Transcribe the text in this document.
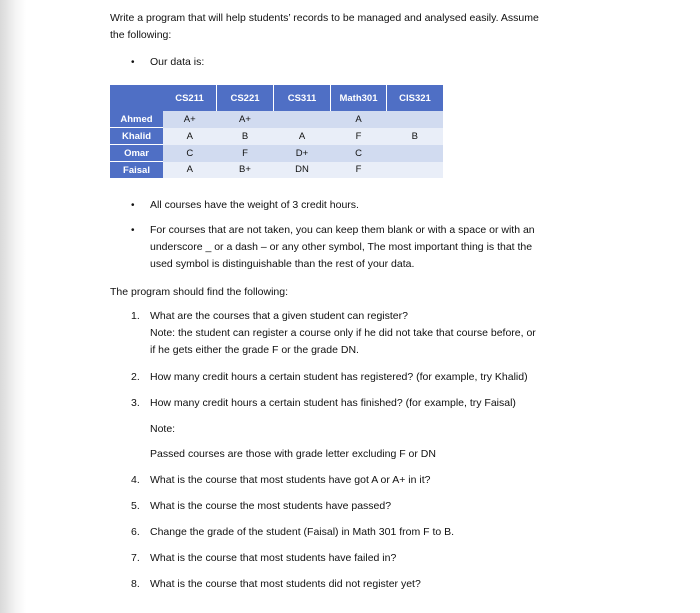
Write a program that will help students’ records to be managed and analysed easily. Assume
the following:
• Our data is:
	CS211	CS221	CS311	Math301	CIS321
Ahmed	A+	A+		A	
Khalid	A	B	A	F	B
Omar	C	F	D+	C	
Faisal	A	B+	DN	F	
• All courses have the weight of 3 credit hours.
• For courses that are not taken, you can keep them blank or with a space or with an
underscore _ or a dash – or any other symbol, The most important thing is that the
used symbol is distinguishable than the rest of your data.
The program should find the following:
1. What are the courses that a given student can register?
Note: the student can register a course only if he did not take that course before, or
if he gets either the grade F or the grade DN.
2. How many credit hours a certain student has registered? (for example, try Khalid)
3. How many credit hours a certain student has finished? (for example, try Faisal)
Note:
Passed courses are those with grade letter excluding F or DN
4. What is the course that most students have got A or A+ in it?
5. What is the course the most students have passed?
6. Change the grade of the student (Faisal) in Math 301 from F to B.
7. What is the course that most students have failed in?
8. What is the course that most students did not register yet?
